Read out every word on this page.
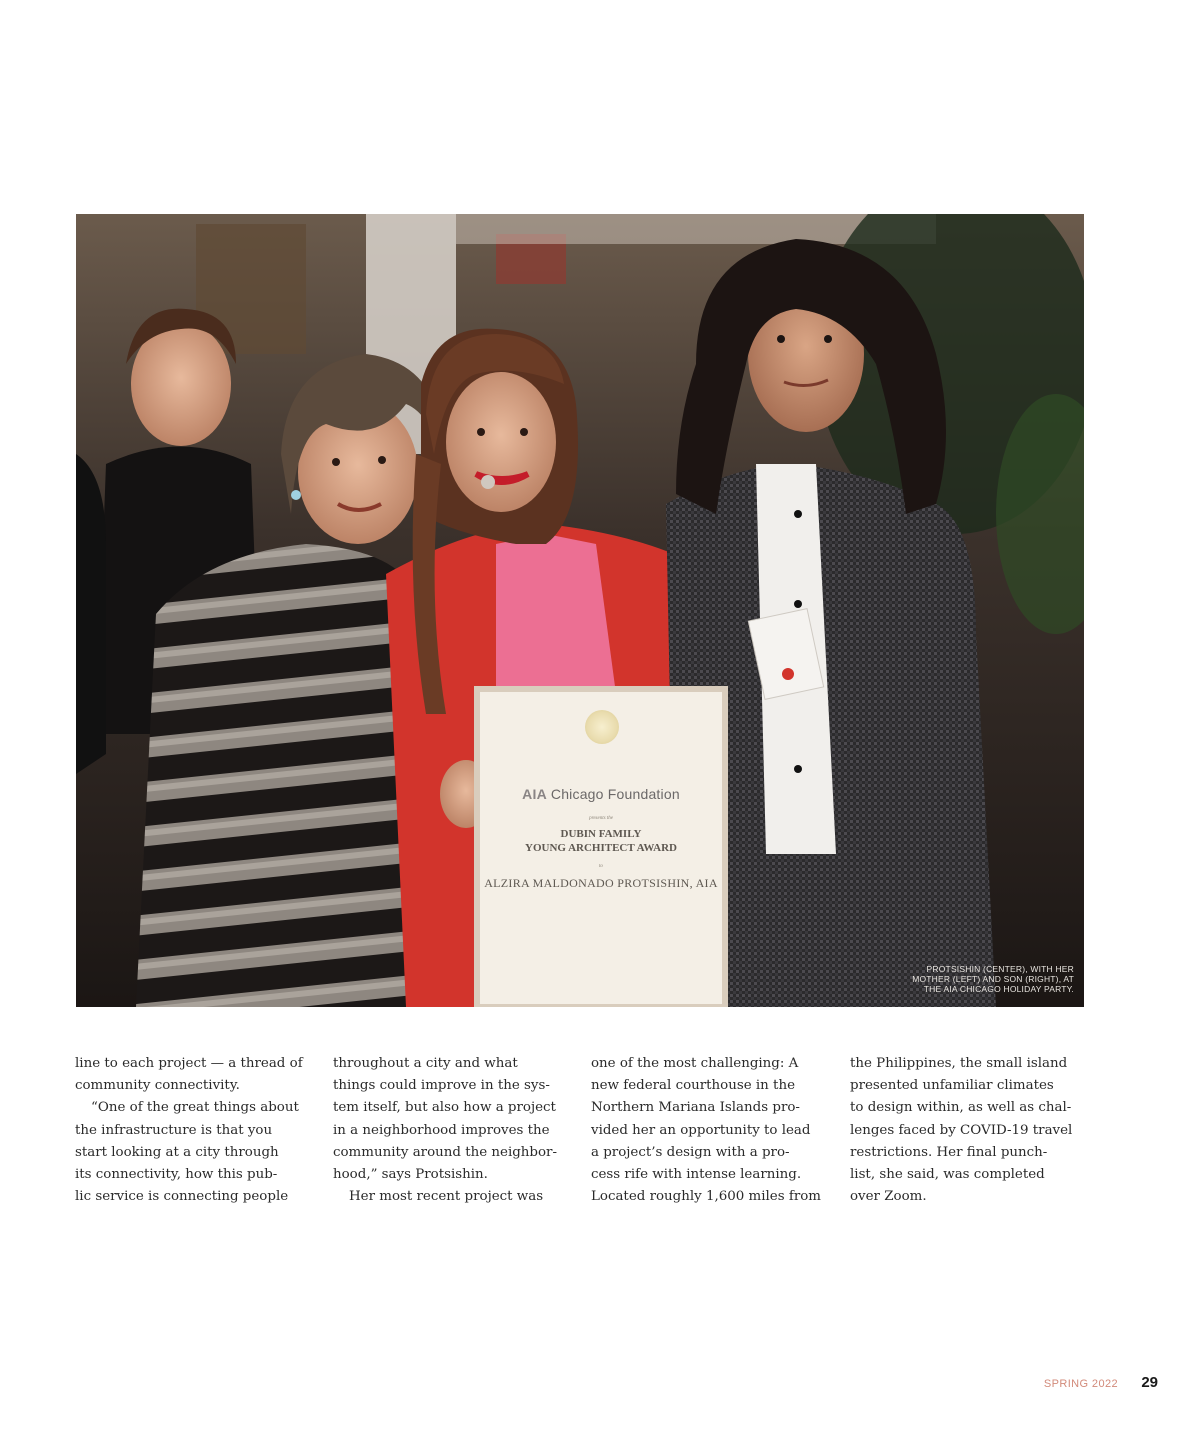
AIA Chicago Foundation
presents the
DUBIN FAMILY
YOUNG ARCHITECT AWARD
to
ALZIRA MALDONADO PROTSISHIN, AIA
PROTSISHIN (CENTER), WITH HER
MOTHER (LEFT) AND SON (RIGHT), AT
THE AIA CHICAGO HOLIDAY PARTY.
line to each project — a thread of
community connectivity.
“One of the great things about
the infrastructure is that you
start looking at a city through
its connectivity, how this pub-
lic service is connecting people
throughout a city and what
things could improve in the sys-
tem itself, but also how a project
in a neighborhood improves the
community around the neighbor-
hood,” says Protsishin.
Her most recent project was
one of the most challenging: A
new federal courthouse in the
Northern Mariana Islands pro-
vided her an opportunity to lead
a project’s design with a pro-
cess rife with intense learning.
Located roughly 1,600 miles from
the Philippines, the small island
presented unfamiliar climates
to design within, as well as chal-
lenges faced by COVID-19 travel
restrictions. Her final punch-
list, she said, was completed
over Zoom.
SPRING 2022 29
